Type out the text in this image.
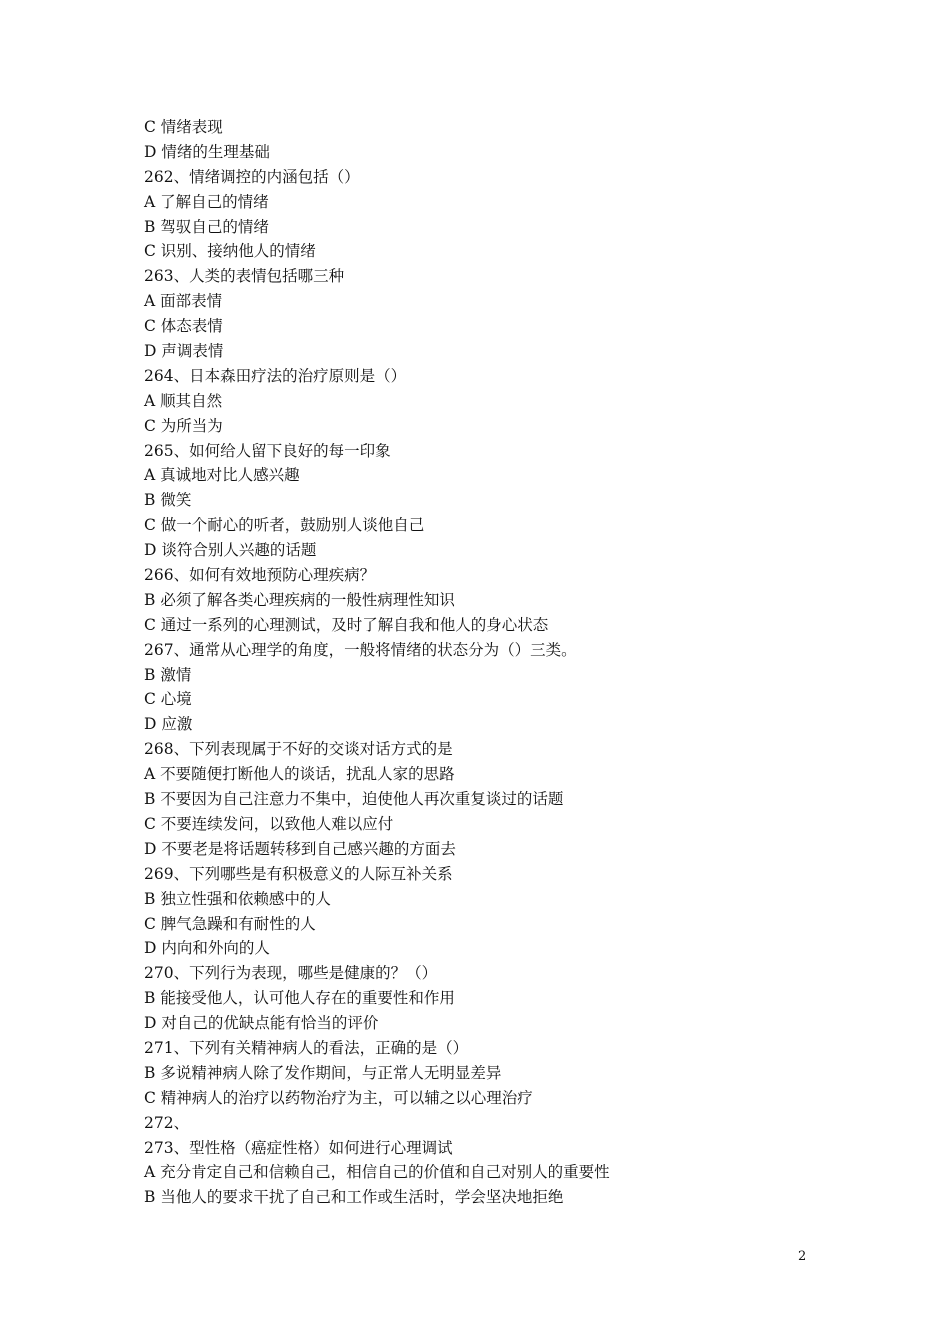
C 情绪表现
D 情绪的生理基础
262、情绪调控的内涵包括（）
A 了解自己的情绪
B 驾驭自己的情绪
C 识别、接纳他人的情绪
263、人类的表情包括哪三种
A 面部表情
C 体态表情
D 声调表情
264、日本森田疗法的治疗原则是（）
A 顺其自然
C 为所当为
265、如何给人留下良好的每一印象
A 真诚地对比人感兴趣
B 微笑
C 做一个耐心的听者，鼓励别人谈他自己
D 谈符合别人兴趣的话题
266、如何有效地预防心理疾病？
B 必须了解各类心理疾病的一般性病理性知识
C 通过一系列的心理测试，及时了解自我和他人的身心状态
267、通常从心理学的角度，一般将情绪的状态分为（）三类。
B 激情
C 心境
D 应激
268、下列表现属于不好的交谈对话方式的是
A 不要随便打断他人的谈话，扰乱人家的思路
B 不要因为自己注意力不集中，迫使他人再次重复谈过的话题
C 不要连续发问，以致他人难以应付
D 不要老是将话题转移到自己感兴趣的方面去
269、下列哪些是有积极意义的人际互补关系
B 独立性强和依赖感中的人
C 脾气急躁和有耐性的人
D 内向和外向的人
270、下列行为表现，哪些是健康的？（）
B 能接受他人，认可他人存在的重要性和作用
D 对自己的优缺点能有恰当的评价
271、下列有关精神病人的看法，正确的是（）
B 多说精神病人除了发作期间，与正常人无明显差异
C 精神病人的治疗以药物治疗为主，可以辅之以心理治疗
272、
273、型性格（癌症性格）如何进行心理调试
A 充分肯定自己和信赖自己，相信自己的价值和自己对别人的重要性
B 当他人的要求干扰了自己和工作或生活时，学会坚决地拒绝
2
